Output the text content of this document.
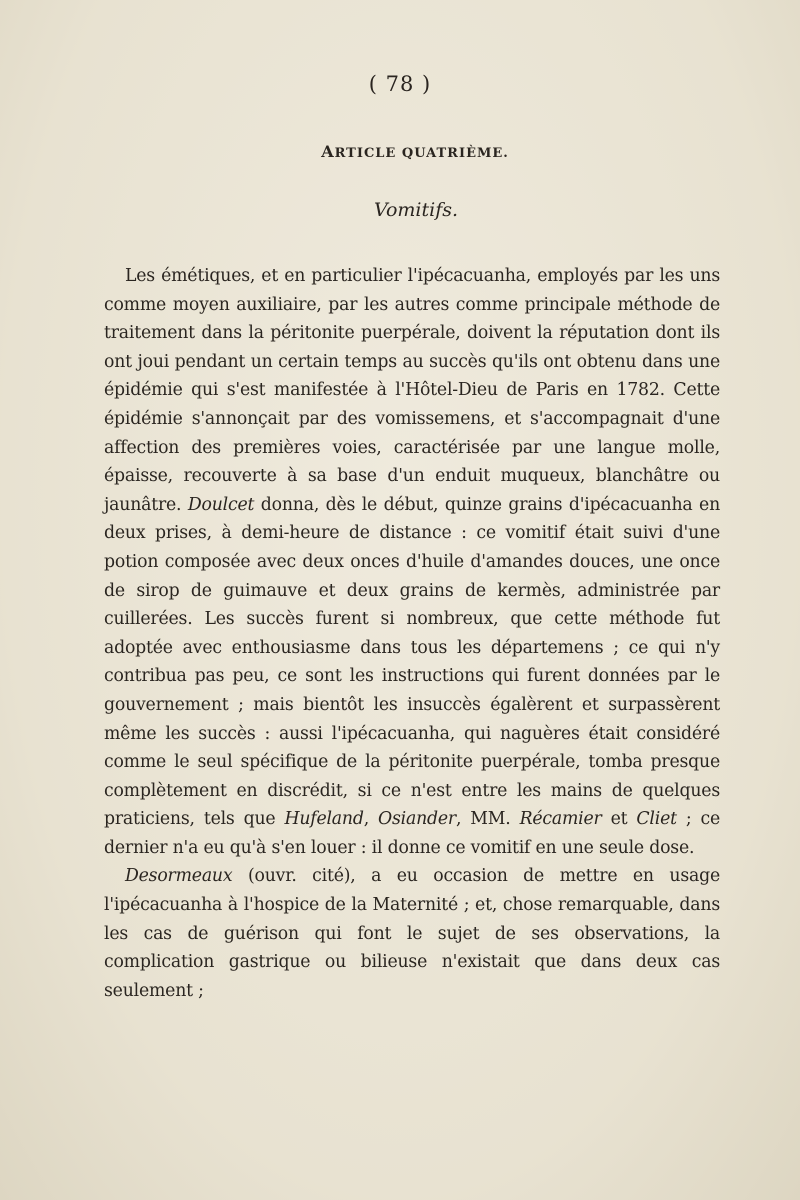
( 78 )
ARTICLE QUATRIÈME.
Vomitifs.

Les émétiques, et en particulier l'ipécacuanha, employés par les uns comme moyen auxiliaire, par les autres comme principale méthode de traitement dans la péritonite puerpérale, doivent la réputation dont ils ont joui pendant un certain temps au succès qu'ils ont obtenu dans une épidémie qui s'est manifestée à l'Hôtel-Dieu de Paris en 1782. Cette épidémie s'annonçait par des vomissemens, et s'accompagnait d'une affection des premières voies, caractérisée par une langue molle, épaisse, recouverte à sa base d'un enduit muqueux, blanchâtre ou jaunâtre. Doulcet donna, dès le début, quinze grains d'ipécacuanha en deux prises, à demi-heure de distance : ce vomitif était suivi d'une potion composée avec deux onces d'huile d'amandes douces, une once de sirop de guimauve et deux grains de kermès, administrée par cuillerées. Les succès furent si nombreux, que cette méthode fut adoptée avec enthousiasme dans tous les départemens ; ce qui n'y contribua pas peu, ce sont les instructions qui furent données par le gouvernement ; mais bientôt les insuccès égalèrent et surpassèrent même les succès : aussi l'ipécacuanha, qui naguères était considéré comme le seul spécifique de la péritonite puerpérale, tomba presque complètement en discrédit, si ce n'est entre les mains de quelques praticiens, tels que Hufeland, Osiander, MM. Récamier et Cliet ; ce dernier n'a eu qu'à s'en louer : il donne ce vomitif en une seule dose.

Desormeaux (ouvr. cité), a eu occasion de mettre en usage l'ipécacuanha à l'hospice de la Maternité ; et, chose remarquable, dans les cas de guérison qui font le sujet de ses observations, la complication gastrique ou bilieuse n'existait que dans deux cas seulement ;
